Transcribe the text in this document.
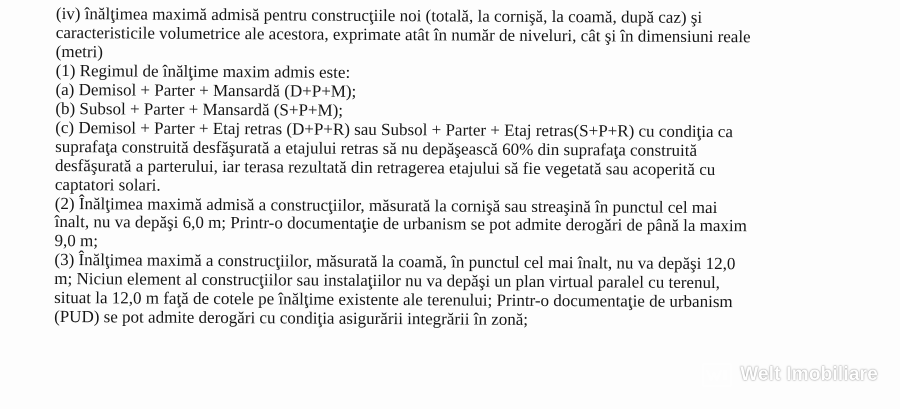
(iv) înălţimea maximă admisă pentru construcţiile noi (totală, la cornişă, la coamă, după caz) şi
caracteristicile volumetrice ale acestora, exprimate atât în număr de niveluri, cât şi în dimensiuni reale
(metri)
(1) Regimul de înălţime maxim admis este:
(a) Demisol + Parter + Mansardă (D+P+M);
(b) Subsol + Parter + Mansardă (S+P+M);
(c) Demisol + Parter + Etaj retras (D+P+R) sau Subsol + Parter + Etaj retras(S+P+R) cu condiţia ca
suprafaţa construită desfăşurată a etajului retras să nu depăşească 60% din suprafaţa construită
desfăşurată a parterului, iar terasa rezultată din retragerea etajului să fie vegetată sau acoperită cu
captatori solari.
(2) Înălţimea maximă admisă a construcţiilor, măsurată la cornişă sau streaşină în punctul cel mai
înalt, nu va depăşi 6,0 m; Printr-o documentaţie de urbanism se pot admite derogări de până la maxim
9,0 m;
(3) Înălţimea maximă a construcţiilor, măsurată la coamă, în punctul cel mai înalt, nu va depăşi 12,0
m; Niciun element al construcţiilor sau instalaţiilor nu va depăşi un plan virtual paralel cu terenul,
situat la 12,0 m faţă de cotele pe înălţime existente ale terenului; Printr-o documentaţie de urbanism
(PUD) se pot admite derogări cu condiţia asigurării integrării în zonă;
Welt Imobiliare
